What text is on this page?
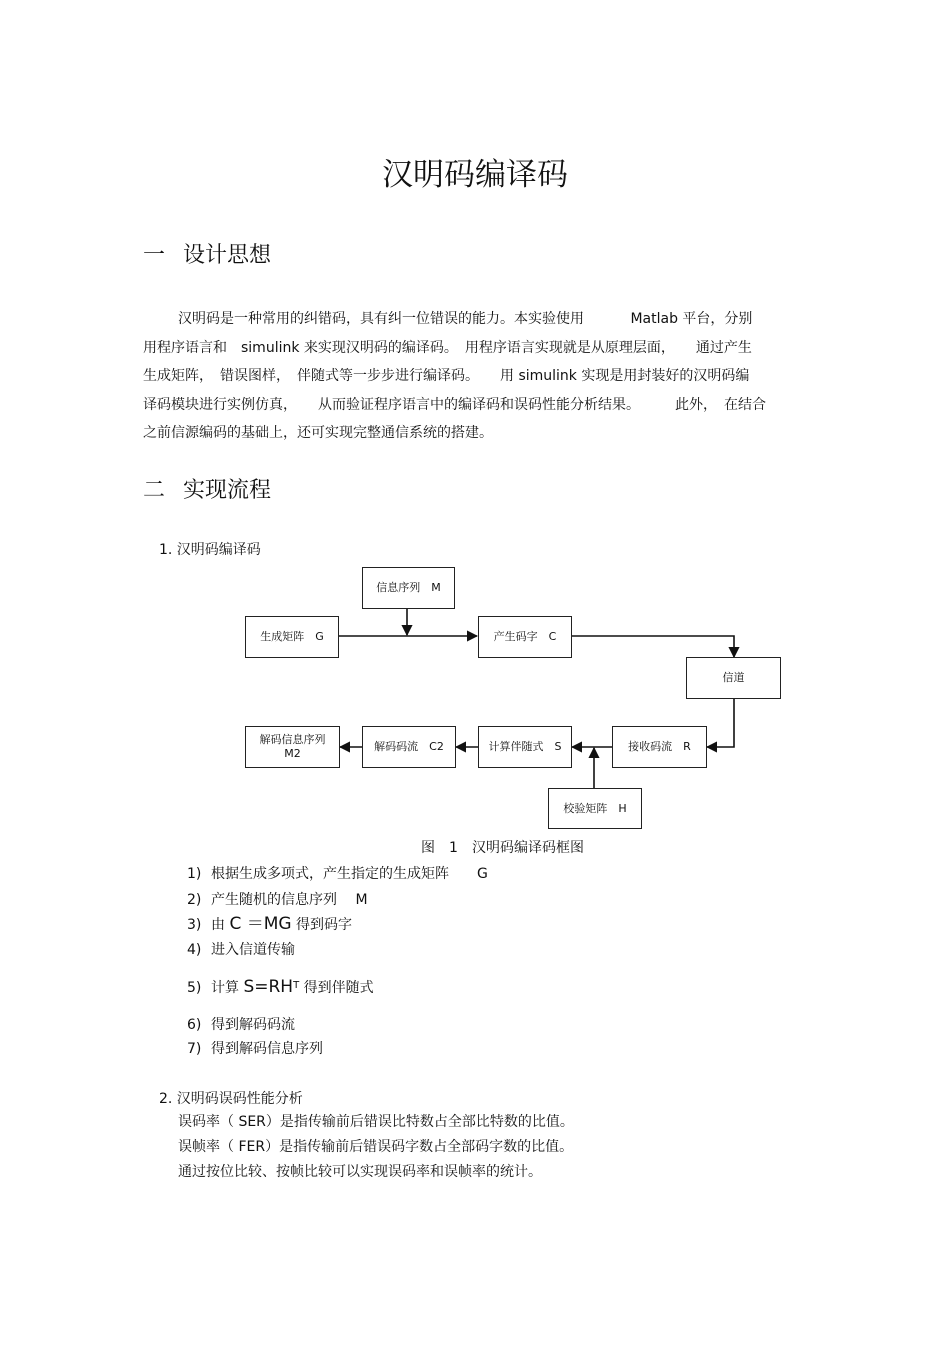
汉明码编译码
一 设计思想
汉明码是一种常用的纠错码，具有纠一位错误的能力。本实验使用　　　 Matlab 平台，分别
用程序语言和　simulink 来实现汉明码的编译码。　用程序语言实现就是从原理层面，　　通过产生
生成矩阵，　错误图样，　伴随式等一步步进行编译码。　　用 simulink 实现是用封装好的汉明码编
译码模块进行实例仿真，　　从而验证程序语言中的编译码和误码性能分析结果。　　　此外，　在结合
之前信源编码的基础上，还可实现完整通信系统的搭建。
二 实现流程
1. 汉明码编译码
信息序列　M
生成矩阵　G	产生码字　C
信道
接收码流　R
计算伴随式　S
解码码流　C2
解码信息序列
M2
校验矩阵　H
图　1　汉明码编译码框图
1) 根据生成多项式，产生指定的生成矩阵　　G
2) 产生随机的信息序列　 M
3) 由 C ＝MG 得到码字
4) 进入信道传输
5) 计算 $S=RH^T$ 得到伴随式
6) 得到解码码流
7) 得到解码信息序列
2. 汉明码误码性能分析
误码率（ SER）是指传输前后错误比特数占全部比特数的比值。
误帧率（ FER）是指传输前后错误码字数占全部码字数的比值。
通过按位比较、按帧比较可以实现误码率和误帧率的统计。
